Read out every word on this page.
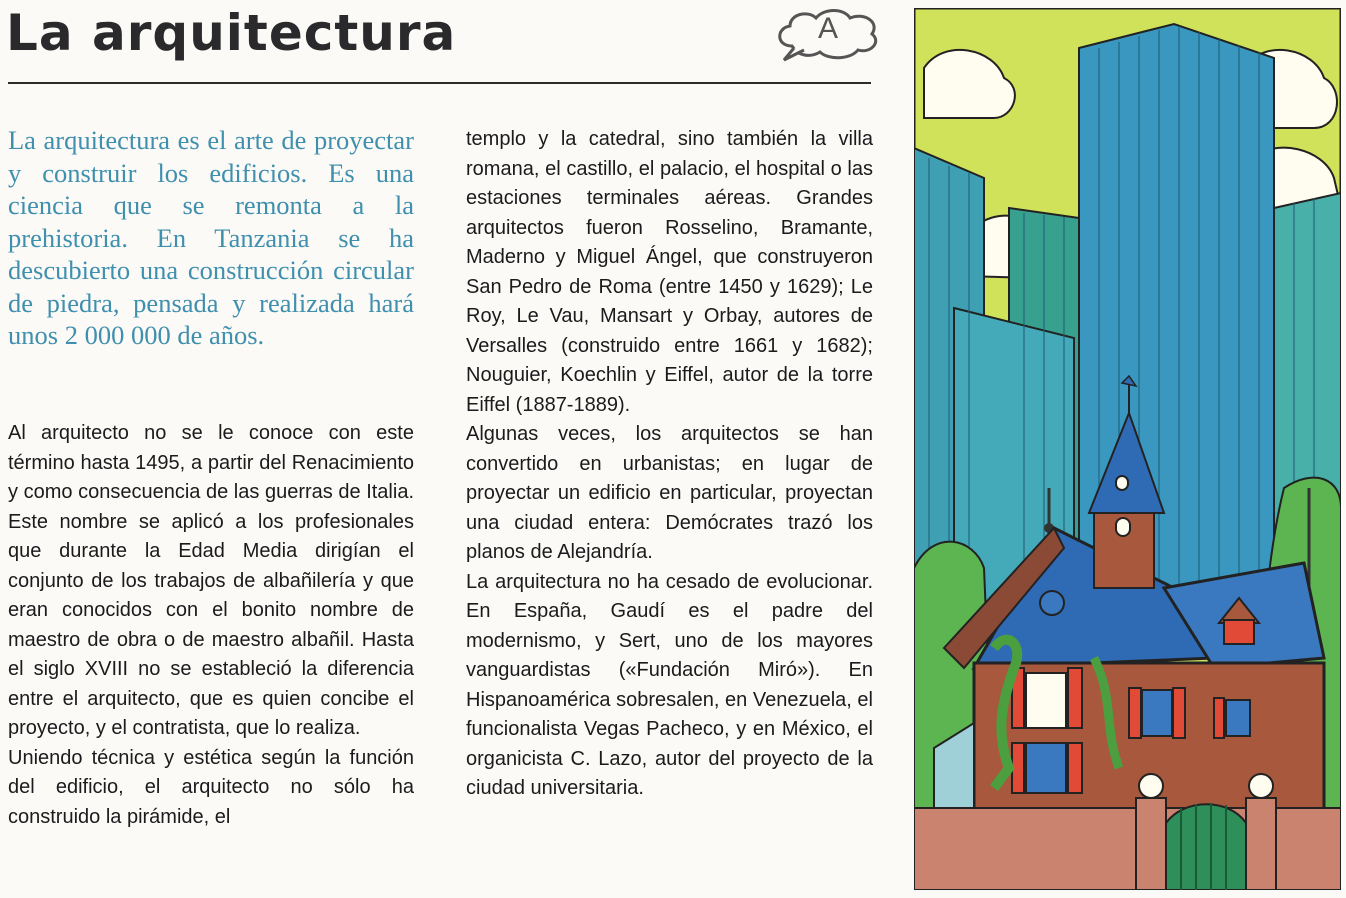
La arquitectura	A

La arquitectura es el arte de proyectar y construir los edificios. Es una ciencia que se remonta a la prehistoria. En Tanzania se ha descubierto una construcción circular de piedra, pensada y realizada hará unos 2 000 000 de años.

Al arquitecto no se le conoce con este término hasta 1495, a partir del Renacimiento y como consecuencia de las guerras de Italia. Este nombre se aplicó a los profesionales que durante la Edad Media dirigían el conjunto de los trabajos de albañilería y que eran conocidos con el bonito nombre de maestro de obra o de maestro albañil. Hasta el siglo XVIII no se estableció la diferencia entre el arquitecto, que es quien concibe el proyecto, y el contratista, que lo realiza.

Uniendo técnica y estética según la función del edificio, el arquitecto no sólo ha construido la pirámide, el

templo y la catedral, sino también la villa romana, el castillo, el palacio, el hospital o las estaciones terminales aéreas. Grandes arquitectos fueron Rosselino, Bramante, Maderno y Miguel Ángel, que construyeron San Pedro de Roma (entre 1450 y 1629); Le Roy, Le Vau, Mansart y Orbay, autores de Versalles (construido entre 1661 y 1682); Nouguier, Koechlin y Eiffel, autor de la torre Eiffel (1887-1889).

Algunas veces, los arquitectos se han convertido en urbanistas; en lugar de proyectar un edificio en particular, proyectan una ciudad entera: Demócrates trazó los planos de Alejandría.

La arquitectura no ha cesado de evolucionar. En España, Gaudí es el padre del modernismo, y Sert, uno de los mayores vanguardistas («Fundación Miró»). En Hispanoamérica sobresalen, en Venezuela, el funcionalista Vegas Pacheco, y en México, el organicista C. Lazo, autor del proyecto de la ciudad universitaria.
